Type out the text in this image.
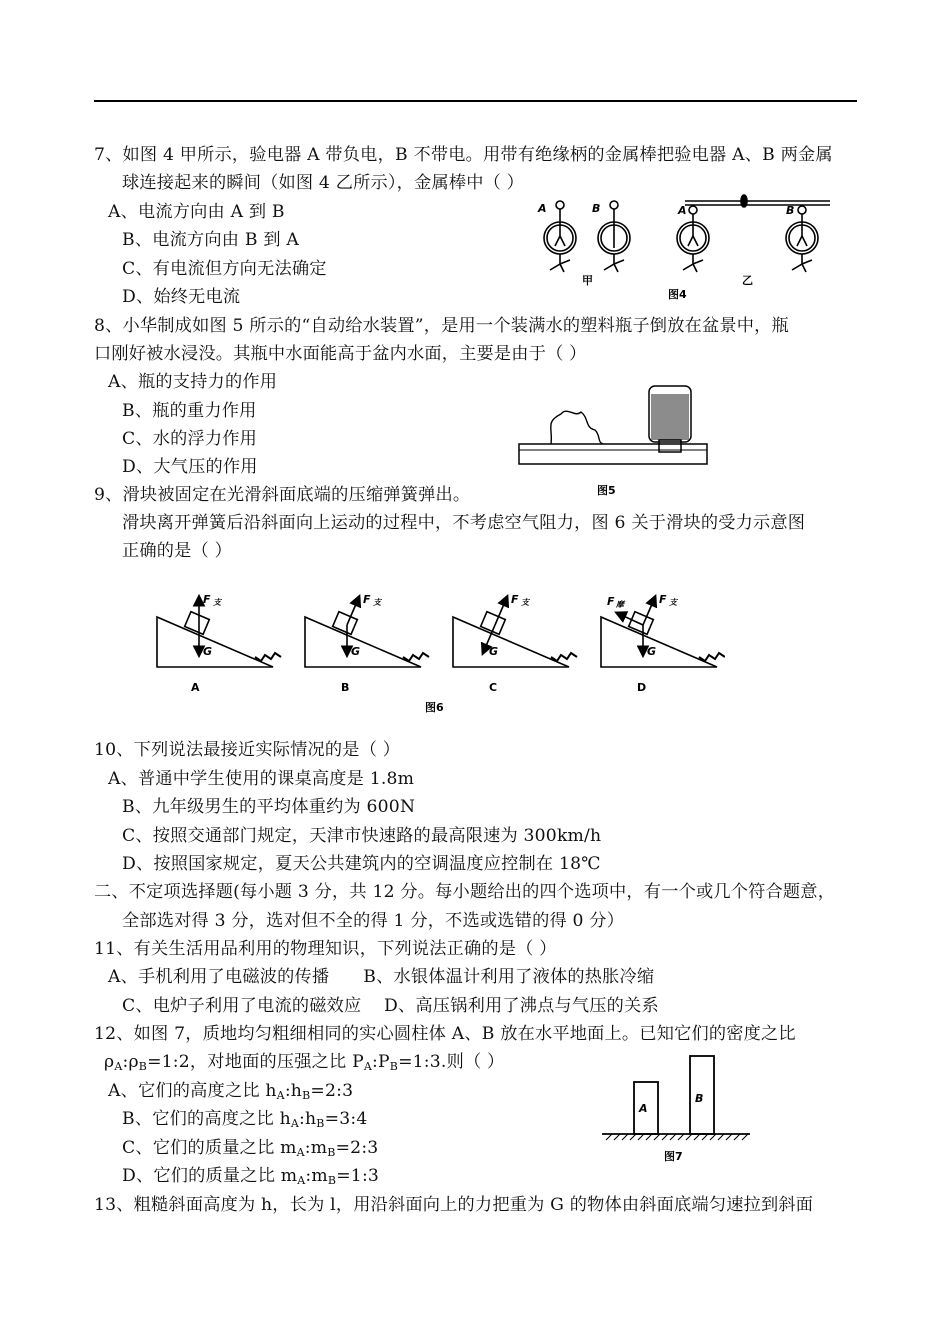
7、如图 4 甲所示，验电器 A 带负电，B 不带电。用带有绝缘柄的金属棒把验电器 A、B 两金属
球连接起来的瞬间（如图 4 乙所示），金属棒中（ ）
A、电流方向由 A 到 B
B、电流方向由 B 到 A
C、有电流但方向无法确定
D、始终无电流
A	B	A	B
甲	乙
图4
8、小华制成如图 5 所示的“自动给水装置”，是用一个装满水的塑料瓶子倒放在盆景中，瓶
口刚好被水浸没。其瓶中水面能高于盆内水面，主要是由于（ ）
A、瓶的支持力的作用
B、瓶的重力作用
C、水的浮力作用
D、大气压的作用
图5
9、滑块被固定在光滑斜面底端的压缩弹簧弹出。
滑块离开弹簧后沿斜面向上运动的过程中，不考虑空气阻力，图 6 关于滑块的受力示意图
正确的是（ ）
F 支
G
F 支
G
F 支
G
F 支
F 摩
G
A	B	C	D
图6
10、下列说法最接近实际情况的是（ ）
A、普通中学生使用的课桌高度是 1.8m
B、九年级男生的平均体重约为 600N
C、按照交通部门规定，天津市快速路的最高限速为 300km/h
D、按照国家规定，夏天公共建筑内的空调温度应控制在 18℃
二、不定项选择题(每小题 3 分，共 12 分。每小题给出的四个选项中，有一个或几个符合题意，
全部选对得 3 分，选对但不全的得 1 分，不选或选错的得 0 分）
11、有关生活用品利用的物理知识，下列说法正确的是（ ）
A、手机利用了电磁波的传播      B、水银体温计利用了液体的热胀冷缩
C、电炉子利用了电流的磁效应    D、高压锅利用了沸点与气压的关系
12、如图 7，质地均匀粗细相同的实心圆柱体 A、B 放在水平地面上。已知它们的密度之比
$\rho_A:\rho_B=1:2$，对地面的压强之比 $P_A:P_B=1:3$.则（ ）
A、它们的高度之比 $h_A:h_B=2:3$
B、它们的高度之比 $h_A:h_B=3:4$
C、它们的质量之比 $m_A:m_B=2:3$
D、它们的质量之比 $m_A:m_B=1:3$
A
B
图7
13、粗糙斜面高度为 h，长为 l，用沿斜面向上的力把重为 G 的物体由斜面底端匀速拉到斜面
